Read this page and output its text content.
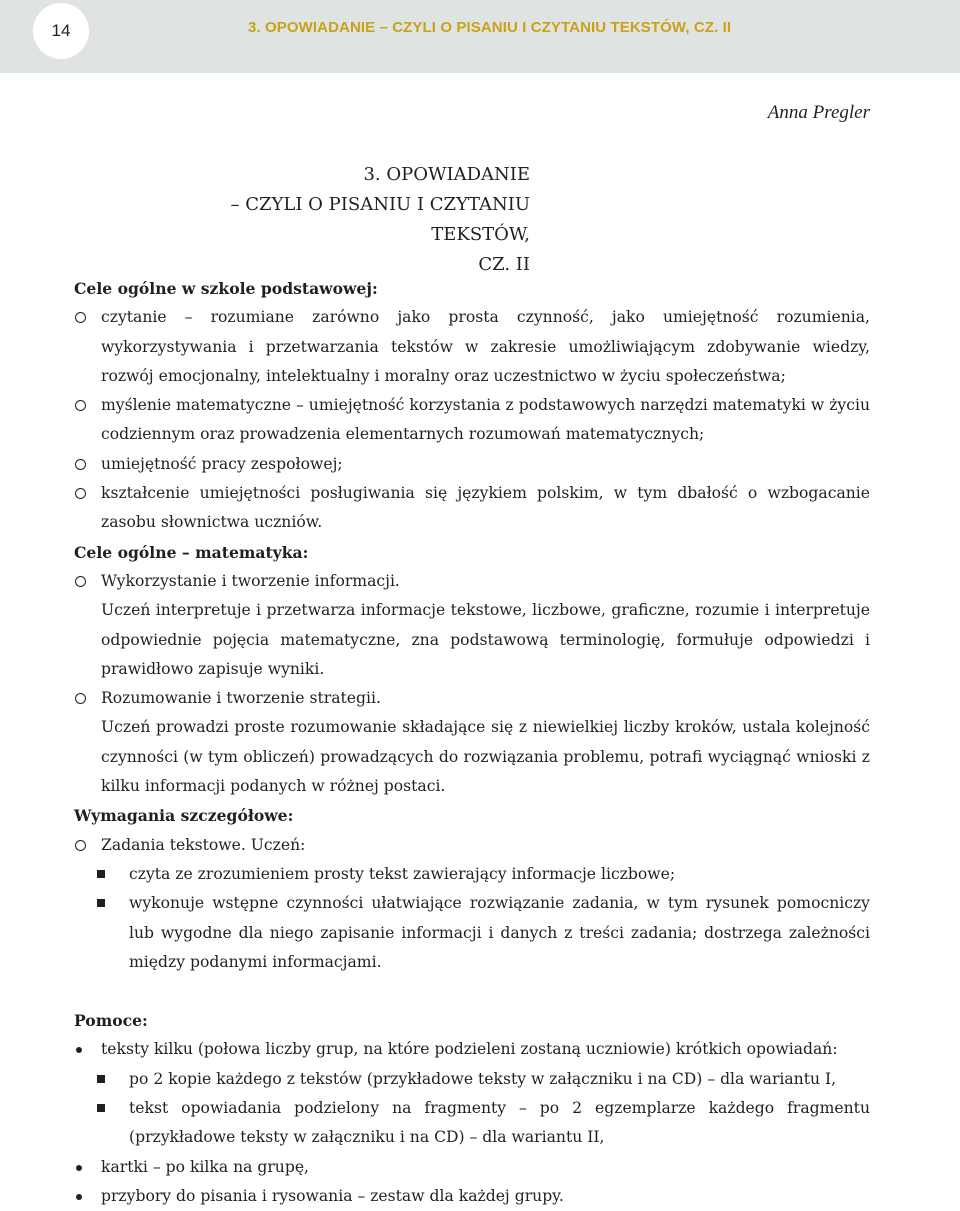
14	3. OPOWIADANIE – CZYLI O PISANIU I CZYTANIU TEKSTÓW, CZ. II
Anna Pregler
3. OPOWIADANIE
– CZYLI O PISANIU I CZYTANIU TEKSTÓW,
CZ. II

Cele ogólne w szkole podstawowej:

czytanie – rozumiane zarówno jako prosta czynność, jako umiejętność rozumienia, wykorzystywania i przetwarzania tekstów w zakresie umożliwiającym zdobywanie wiedzy, rozwój emocjonalny, intelektualny i moralny oraz uczestnictwo w życiu społeczeństwa;
myślenie matematyczne – umiejętność korzystania z podstawowych narzędzi matematyki w życiu codziennym oraz prowadzenia elementarnych rozumowań matematycznych;
umiejętność pracy zespołowej;
kształcenie umiejętności posługiwania się językiem polskim, w tym dbałość o wzbogacanie zasobu słownictwa uczniów.

Cele ogólne – matematyka:

Wykorzystanie i tworzenie informacji.

Uczeń interpretuje i przetwarza informacje tekstowe, liczbowe, graficzne, rozumie i interpretuje odpowiednie pojęcia matematyczne, zna podstawową terminologię, formułuje odpowiedzi i prawidłowo zapisuje wyniki.

Rozumowanie i tworzenie strategii.

Uczeń prowadzi proste rozumowanie składające się z niewielkiej liczby kroków, ustala kolejność czynności (w tym obliczeń) prowadzących do rozwiązania problemu, potrafi wyciągnąć wnioski z kilku informacji podanych w różnej postaci.

Wymagania szczegółowe:

Zadania tekstowe. Uczeń:
czyta ze zrozumieniem prosty tekst zawierający informacje liczbowe;
wykonuje wstępne czynności ułatwiające rozwiązanie zadania, w tym rysunek pomocniczy lub wygodne dla niego zapisanie informacji i danych z treści zadania; dostrzega zależności między podanymi informacjami.

Pomoce:

teksty kilku (połowa liczby grup, na które podzieleni zostaną uczniowie) krótkich opowiadań:
po 2 kopie każdego z tekstów (przykładowe teksty w załączniku i na CD) – dla wariantu I,
tekst opowiadania podzielony na fragmenty – po 2 egzemplarze każdego fragmentu (przykładowe teksty w załączniku i na CD) – dla wariantu II,
kartki – po kilka na grupę,
przybory do pisania i rysowania – zestaw dla każdej grupy.
